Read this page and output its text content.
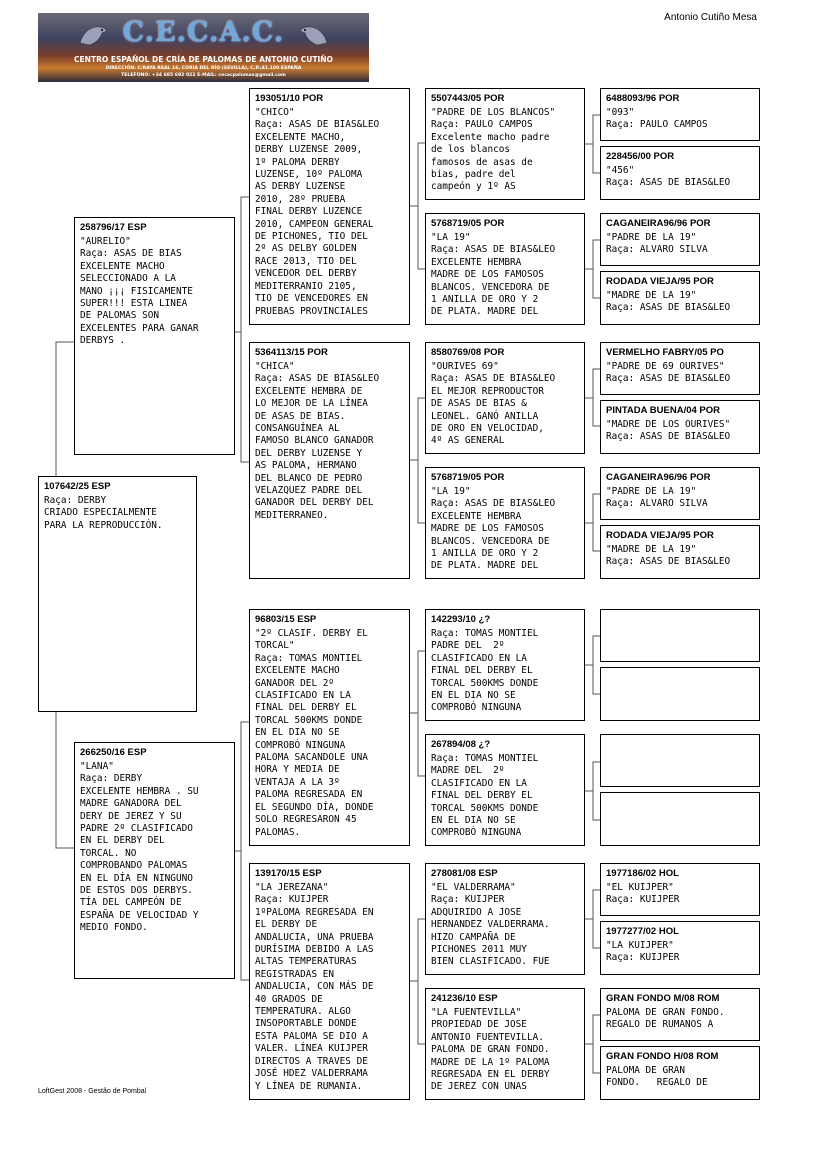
C.E.C.A.C.
CENTRO ESPAÑOL DE CRÍA DE PALOMAS DE ANTONIO CUTIÑO
DIRECCIÓN: C/RAYA REAL 16, CORIA DEL RÍO (SEVILLA), C.P.:41.100 ESPAÑA
TELEFONO: +34 685 692 022 E-MAIL: cecacpalomas@gmail.com
Antonio Cutiño Mesa
107642/25 ESP
Raça: DERBY
CRIADO ESPECIALMENTE
PARA LA REPRODUCCIÓN.
258796/17 ESP
"AURELIO"
Raça: ASAS DE BIAS
EXCELENTE MACHO
SELECCIONADO A LA
MANO ¡¡¡ FISICAMENTE
SUPER!!! ESTA LINEA
DE PALOMAS SON
EXCELENTES PARA GANAR
DERBYS .
266250/16 ESP
"LANA"
Raça: DERBY
EXCELENTE HEMBRA . SU
MADRE GANADORA DEL
DERY DE JEREZ Y SU
PADRE 2º CLASIFICADO
EN EL DERBY DEL
TORCAL. NO
COMPROBANDO PALOMAS
EN EL DÍA EN NINGUNO
DE ESTOS DOS DERBYS.
TÍA DEL CAMPEÓN DE
ESPAÑA DE VELOCIDAD Y
MEDIO FONDO.
193051/10 POR
"CHICO"
Raça: ASAS DE BIAS&LEO
EXCELENTE MACHO,
DERBY LUZENSE 2009,
1º PALOMA DERBY
LUZENSE, 10º PALOMA
AS DERBY LUZENSE
2010, 28º PRUEBA
FINAL DERBY LUZENCE
2010, CAMPEON GENERAL
DE PICHONES, TIO DEL
2º AS DELBY GOLDEN
RACE 2013, TIO DEL
VENCEDOR DEL DERBY
MEDITERRANIO 2105,
TIO DE VENCEDORES EN
PRUEBAS PROVINCIALES
5364113/15 POR
"CHICA"
Raça: ASAS DE BIAS&LEO
EXCELENTE HEMBRA DE
LO MEJOR DE LA LÍNEA
DE ASAS DE BIAS.
CONSANGUÍNEA AL
FAMOSO BLANCO GANADOR
DEL DERBY LUZENSE Y
AS PALOMA, HERMANO
DEL BLANCO DE PEDRO
VELAZQUEZ PADRE DEL
GANADOR DEL DERBY DEL
MEDITERRANEO.
96803/15 ESP
"2º CLASIF. DERBY EL
TORCAL"
Raça: TOMAS MONTIEL
EXCELENTE MACHO
GANADOR DEL 2º
CLASIFICADO EN LA
FINAL DEL DERBY EL
TORCAL 500KMS DONDE
EN EL DIA NO SE
COMPROBÓ NINGUNA
PALOMA SACANDOLE UNA
HORA Y MEDIA DE
VENTAJA A LA 3º
PALOMA REGRESADA EN
EL SEGUNDO DÍA, DONDE
SOLO REGRESARON 45
PALOMAS.
139170/15 ESP
"LA JEREZANA"
Raça: KUIJPER
1ºPALOMA REGRESADA EN
EL DERBY DE
ANDALUCIA, UNA PRUEBA
DURÍSIMA DEBIDO A LAS
ALTAS TEMPERATURAS
REGISTRADAS EN
ANDALUCIA, CON MÁS DE
40 GRADOS DE
TEMPERATURA. ALGO
INSOPORTABLE DONDE
ESTA PALOMA SE DIO A
VALER. LÍNEA KUIJPER
DIRECTOS A TRAVES DE
JOSÉ HDEZ VALDERRAMA
Y LÍNEA DE RUMANIA.
5507443/05 POR
"PADRE DE LOS BLANCOS"
Raça: PAULO CAMPOS
Excelente macho padre
de los blancos
famosos de asas de
bias, padre del
campeón y 1º AS
5768719/05 POR
"LA 19"
Raça: ASAS DE BIAS&LEO
EXCELENTE HEMBRA
MADRE DE LOS FAMOSOS
BLANCOS. VENCEDORA DE
1 ANILLA DE ORO Y 2
DE PLATA. MADRE DEL
8580769/08 POR
"OURIVES 69"
Raça: ASAS DE BIAS&LEO
EL MEJOR REPRODUCTOR
DE ASAS DE BIAS &
LEONEL. GANÓ ANILLA
DE ORO EN VELOCIDAD,
4º AS GENERAL
5768719/05 POR
"LA 19"
Raça: ASAS DE BIAS&LEO
EXCELENTE HEMBRA
MADRE DE LOS FAMOSOS
BLANCOS. VENCEDORA DE
1 ANILLA DE ORO Y 2
DE PLATA. MADRE DEL
142293/10 ¿?
Raça: TOMAS MONTIEL
PADRE DEL  2º
CLASIFICADO EN LA
FINAL DEL DERBY EL
TORCAL 500KMS DONDE
EN EL DIA NO SE
COMPROBÓ NINGUNA
267894/08 ¿?
Raça: TOMAS MONTIEL
MADRE DEL  2º
CLASIFICADO EN LA
FINAL DEL DERBY EL
TORCAL 500KMS DONDE
EN EL DIA NO SE
COMPROBÓ NINGUNA
278081/08 ESP
"EL VALDERRAMA"
Raça: KUIJPER
ADQUIRIDO A JOSE
HERNANDEZ VALDERRAMA.
HIZO CAMPAÑA DE
PICHONES 2011 MUY
BIEN CLASIFICADO. FUE
241236/10 ESP
"LA FUENTEVILLA"
PROPIEDAD DE JOSE
ANTONIO FUENTEVILLA.
PALOMA DE GRAN FONDO.
MADRE DE LA 1º PALOMA
REGRESADA EN EL DERBY
DE JEREZ CON UNAS
6488093/96 POR
"093"
Raça: PAULO CAMPOS
228456/00 POR
"456"
Raça: ASAS DE BIAS&LEO
CAGANEIRA96/96 POR
"PADRE DE LA 19"
Raça: ALVARO SILVA
RODADA VIEJA/95 POR
"MADRE DE LA 19"
Raça: ASAS DE BIAS&LEO
VERMELHO FABRY/05 PO
"PADRE DE 69 OURIVES"
Raça: ASAS DE BIAS&LEO
PINTADA BUENA/04 POR
"MADRE DE LOS OURIVES"
Raça: ASAS DE BIAS&LEO
CAGANEIRA96/96 POR
"PADRE DE LA 19"
Raça: ALVARO SILVA
RODADA VIEJA/95 POR
"MADRE DE LA 19"
Raça: ASAS DE BIAS&LEO
1977186/02 HOL
"EL KUIJPER"
Raça: KUIJPER
1977277/02 HOL
"LA KUIJPER"
Raça: KUIJPER
GRAN FONDO M/08 ROM
PALOMA DE GRAN FONDO.
REGALO DE RUMANOS A
GRAN FONDO H/08 ROM
PALOMA DE GRAN
FONDO.   REGALO DE
LoftGest 2008 - Gestão de Pombal
